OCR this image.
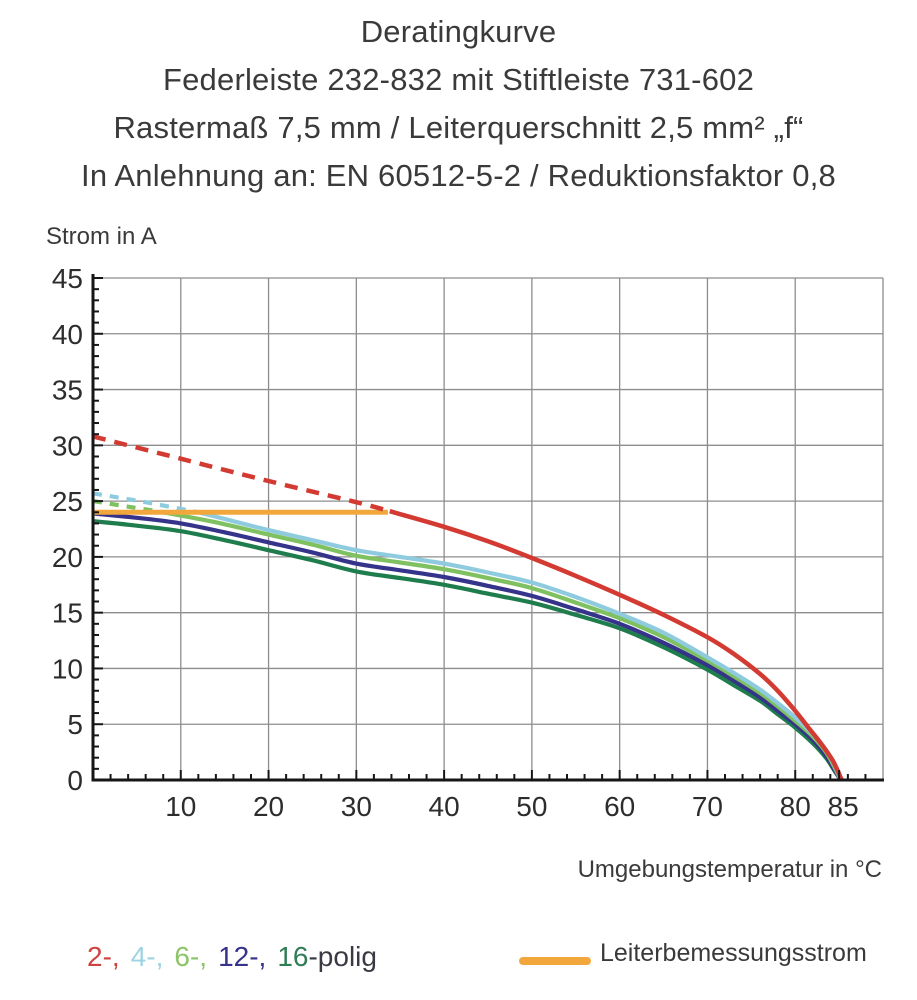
Deratingkurve
Federleiste 232-832 mit Stiftleiste 731-602
Rastermaß 7,5 mm / Leiterquerschnitt 2,5 mm² „f“
In Anlehnung an: EN 60512-5-2 / Reduktionsfaktor 0,8
0
5
10
15
20
25
30
35
40
45
10 20 30 40 50 60 70 80 85
Strom in A
Umgebungstemperatur in °C
2-, 4-, 6-, 12-, 16-polig	Leiterbemessungsstrom
